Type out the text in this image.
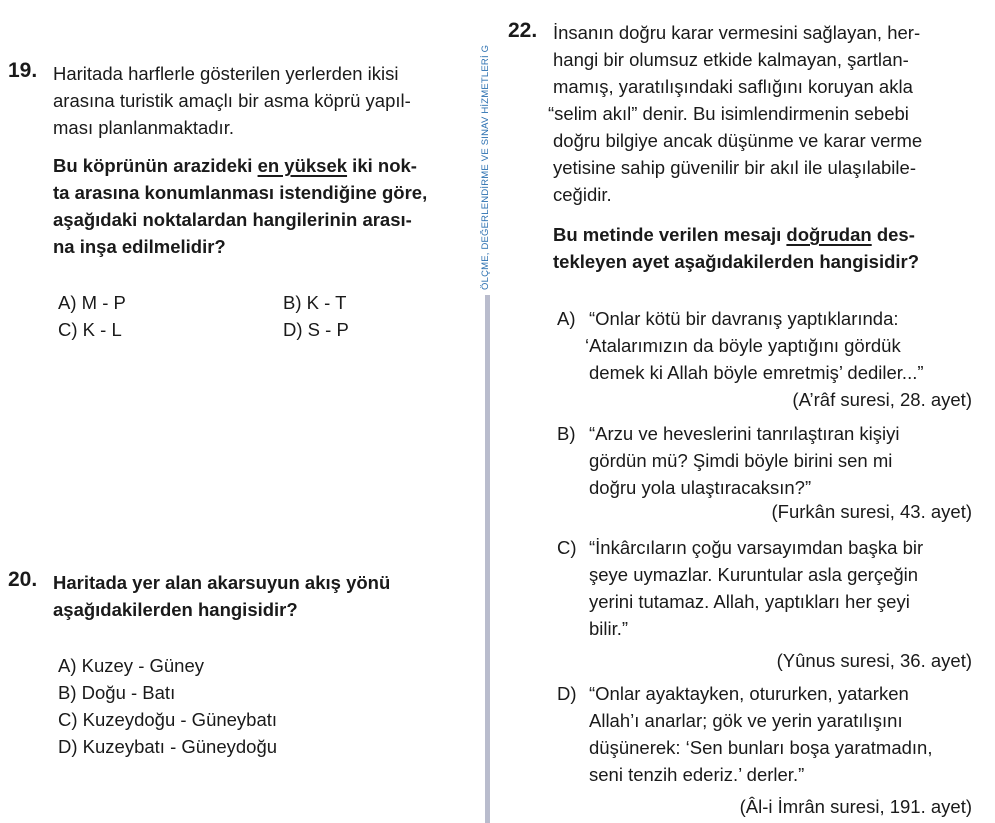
ÖLÇME, DEĞERLENDİRME VE SINAV HİZMETLERİ G
19. Haritada harflerle gösterilen yerlerden ikisi
arasına turistik amaçlı bir asma köprü yapıl-
ması planlanmaktadır.
Bu köprünün arazideki en yüksek iki nok-
ta arasına konumlanması istendiğine göre,
aşağıdaki noktalardan hangilerinin arası-
na inşa edilmelidir?
A) M - P	B) K - T
C) K - L	D) S - P
20. Haritada yer alan akarsuyun akış yönü
aşağıdakilerden hangisidir?
A) Kuzey - Güney
B) Doğu - Batı
C) Kuzeydoğu - Güneybatı
D) Kuzeybatı - Güneydoğu
22. İnsanın doğru karar vermesini sağlayan, her-
hangi bir olumsuz etkide kalmayan, şartlan-
mamış, yaratılışındaki saflığını koruyan akla
“selim akıl” denir. Bu isimlendirmenin sebebi
doğru bilgiye ancak düşünme ve karar verme
yetisine sahip güvenilir bir akıl ile ulaşılabile-
ceğidir.
Bu metinde verilen mesajı doğrudan des-
tekleyen ayet aşağıdakilerden hangisidir?
A) “Onlar kötü bir davranış yaptıklarında:
‘Atalarımızın da böyle yaptığını gördük
demek ki Allah böyle emretmiş’ dediler...”
(A’râf suresi, 28. ayet)
B) “Arzu ve heveslerini tanrılaştıran kişiyi
gördün mü? Şimdi böyle birini sen mi
doğru yola ulaştıracaksın?”
(Furkân suresi, 43. ayet)
C) “İnkârcıların çoğu varsayımdan başka bir
şeye uymazlar. Kuruntular asla gerçeğin
yerini tutamaz. Allah, yaptıkları her şeyi
bilir.”
(Yûnus suresi, 36. ayet)
D) “Onlar ayaktayken, otururken, yatarken
Allah’ı anarlar; gök ve yerin yaratılışını
düşünerek: ‘Sen bunları boşa yaratmadın,
seni tenzih ederiz.’ derler.”
(Âl-i İmrân suresi, 191. ayet)
